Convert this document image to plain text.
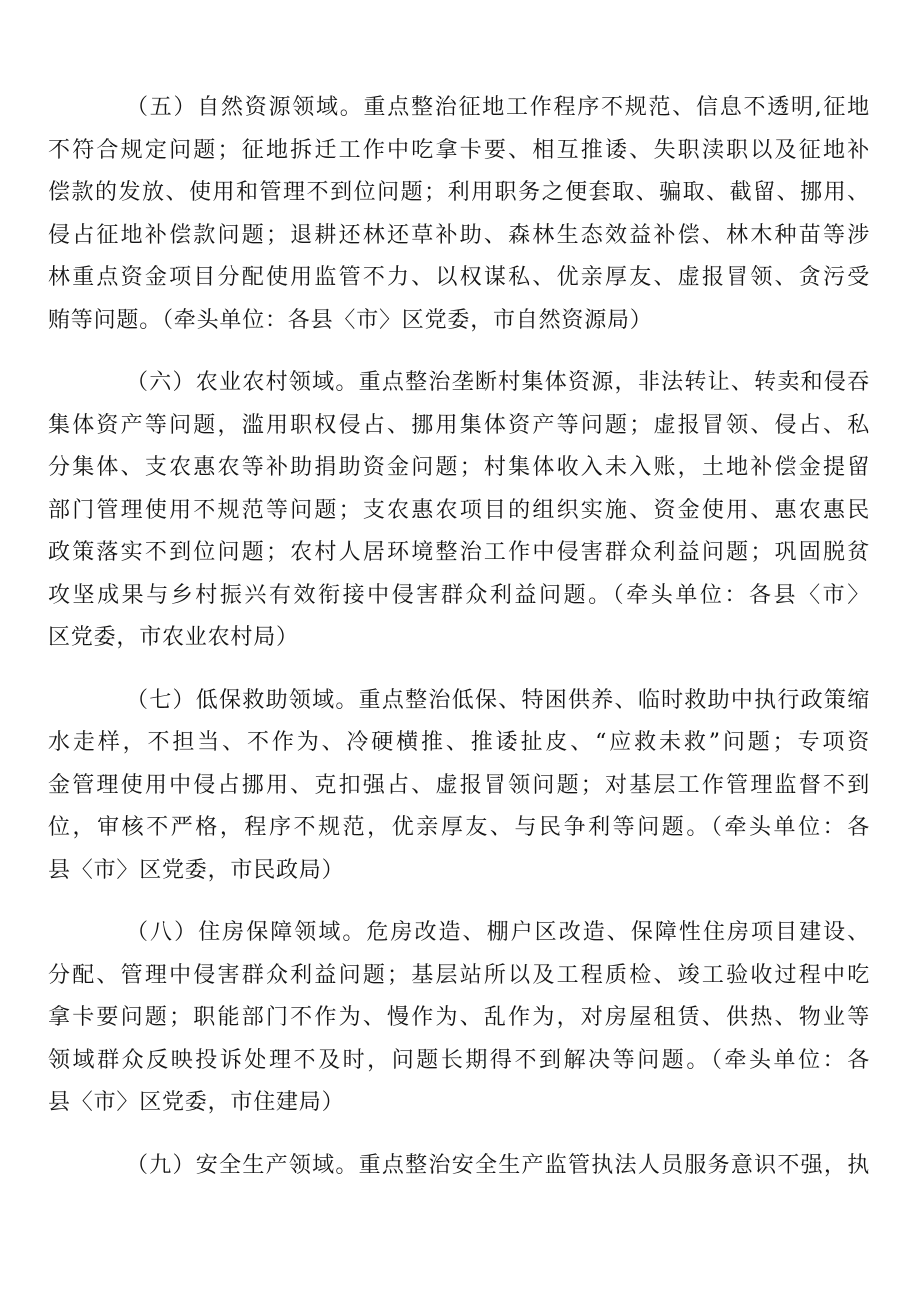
（五）自然资源领域。重点整治征地工作程序不规范、信息不透明,征地
不符合规定问题；征地拆迁工作中吃拿卡要、相互推诿、失职渎职以及征地补
偿款的发放、使用和管理不到位问题；利用职务之便套取、骗取、截留、挪用、
侵占征地补偿款问题；退耕还林还草补助、森林生态效益补偿、林木种苗等涉
林重点资金项目分配使用监管不力、以权谋私、优亲厚友、虚报冒领、贪污受
贿等问题。（牵头单位：各县〈市〉区党委，市自然资源局）
（六）农业农村领域。重点整治垄断村集体资源，非法转让、转卖和侵吞
集体资产等问题，滥用职权侵占、挪用集体资产等问题；虚报冒领、侵占、私
分集体、支农惠农等补助捐助资金问题；村集体收入未入账，土地补偿金提留
部门管理使用不规范等问题；支农惠农项目的组织实施、资金使用、惠农惠民
政策落实不到位问题；农村人居环境整治工作中侵害群众利益问题；巩固脱贫
攻坚成果与乡村振兴有效衔接中侵害群众利益问题。（牵头单位：各县〈市〉
区党委，市农业农村局）
（七）低保救助领域。重点整治低保、特困供养、临时救助中执行政策缩
水走样，不担当、不作为、冷硬横推、推诿扯皮、“应救未救”问题；专项资
金管理使用中侵占挪用、克扣强占、虚报冒领问题；对基层工作管理监督不到
位，审核不严格，程序不规范，优亲厚友、与民争利等问题。（牵头单位：各
县〈市〉区党委，市民政局）
（八）住房保障领域。危房改造、棚户区改造、保障性住房项目建设、
分配、管理中侵害群众利益问题；基层站所以及工程质检、竣工验收过程中吃
拿卡要问题；职能部门不作为、慢作为、乱作为，对房屋租赁、供热、物业等
领域群众反映投诉处理不及时，问题长期得不到解决等问题。（牵头单位：各
县〈市〉区党委，市住建局）
（九）安全生产领域。重点整治安全生产监管执法人员服务意识不强，执
